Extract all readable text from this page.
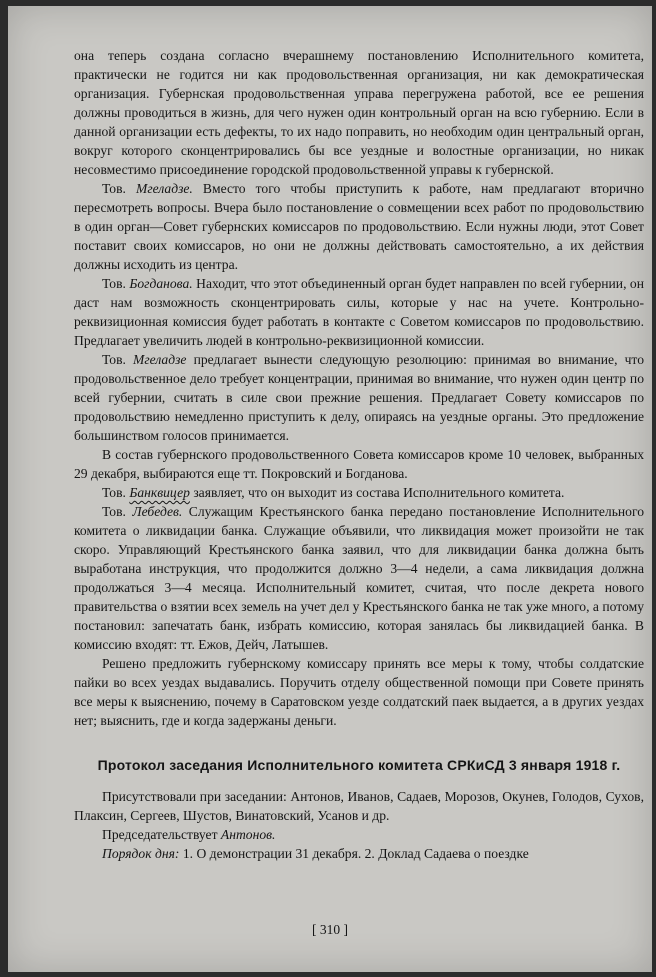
она теперь создана согласно вчерашнему постановлению Исполнительного комитета, практически не годится ни как продовольственная организация, ни как демократическая организация. Губернская продовольственная управа перегружена работой, все ее решения должны проводиться в жизнь, для чего нужен один контрольный орган на всю губернию. Если в данной организации есть дефекты, то их надо поправить, но необходим один центральный орган, вокруг которого сконцентрировались бы все уездные и волостные организации, но никак несовместимо присоединение городской продовольственной управы к губернской.

Тов. Мгеладзе. Вместо того чтобы приступить к работе, нам предлагают вторично пересмотреть вопросы. Вчера было постановление о совмещении всех работ по продовольствию в один орган—Совет губернских комиссаров по продовольствию. Если нужны люди, этот Совет поставит своих комиссаров, но они не должны действовать самостоятельно, а их действия должны исходить из центра.

Тов. Богданова. Находит, что этот объединенный орган будет направлен по всей губернии, он даст нам возможность сконцентрировать силы, которые у нас на учете. Контрольно-реквизиционная комиссия будет работать в контакте с Советом комиссаров по продовольствию. Предлагает увеличить людей в контрольно-реквизиционной комиссии.

Тов. Мгеладзе предлагает вынести следующую резолюцию: принимая во внимание, что продовольственное дело требует концентрации, принимая во внимание, что нужен один центр по всей губернии, считать в силе свои прежние решения. Предлагает Совету комиссаров по продовольствию немедленно приступить к делу, опираясь на уездные органы. Это предложение большинством голосов принимается.

В состав губернского продовольственного Совета комиссаров кроме 10 человек, выбранных 29 декабря, выбираются еще тт. Покровский и Богданова.

Тов. Банквицер заявляет, что он выходит из состава Исполнительного комитета.

Тов. Лебедев. Служащим Крестьянского банка передано постановление Исполнительного комитета о ликвидации банка. Служащие объявили, что ликвидация может произойти не так скоро. Управляющий Крестьянского банка заявил, что для ликвидации банка должна быть выработана инструкция, что продолжится должно 3—4 недели, а сама ликвидация должна продолжаться 3—4 месяца. Исполнительный комитет, считая, что после декрета нового правительства о взятии всех земель на учет дел у Крестьянского банка не так уже много, а потому постановил: запечатать банк, избрать комиссию, которая занялась бы ликвидацией банка. В комиссию входят: тт. Ежов, Дейч, Латышев.

Решено предложить губернскому комиссару принять все меры к тому, чтобы солдатские пайки во всех уездах выдавались. Поручить отделу общественной помощи при Совете принять все меры к выяснению, почему в Саратовском уезде солдатский паек выдается, а в других уездах нет; выяснить, где и когда задержаны деньги.

Протокол заседания Исполнительного комитета СРКиСД 3 января 1918 г.

Присутствовали при заседании: Антонов, Иванов, Садаев, Морозов, Окунев, Голодов, Сухов, Плаксин, Сергеев, Шустов, Винатовский, Усанов и др.

Председательствует Антонов.

Порядок дня: 1. О демонстрации 31 декабря. 2. Доклад Садаева о поездке

[ 310 ]
